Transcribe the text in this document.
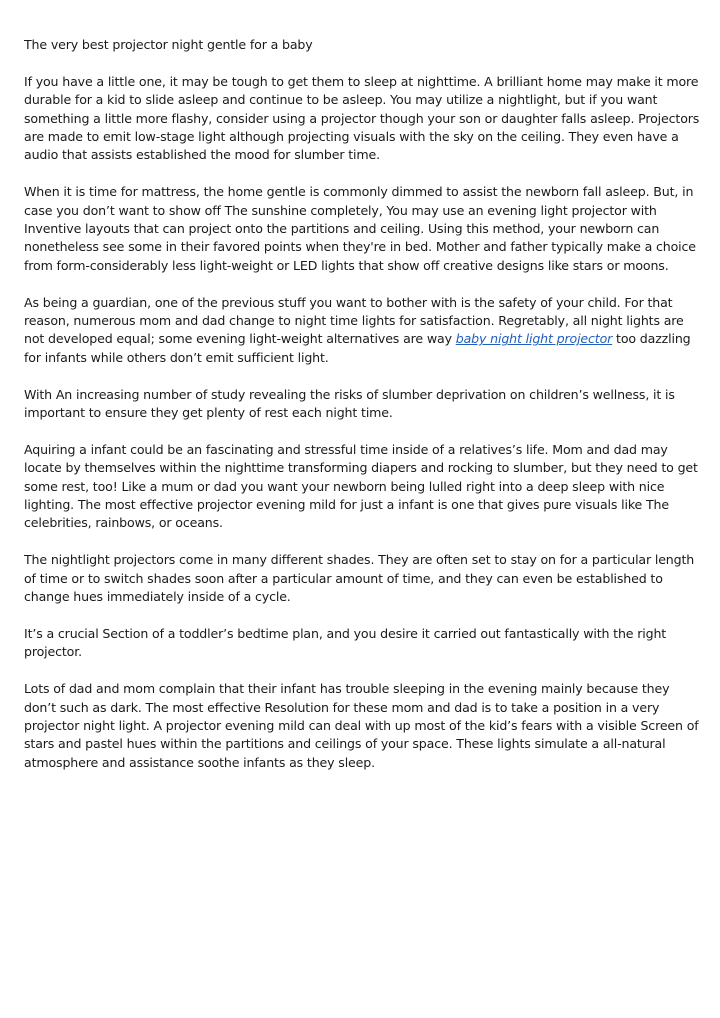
The very best projector night gentle for a baby

If you have a little one, it may be tough to get them to sleep at nighttime. A brilliant home may make it more durable for a kid to slide asleep and continue to be asleep. You may utilize a nightlight, but if you want something a little more flashy, consider using a projector though your son or daughter falls asleep. Projectors are made to emit low-stage light although projecting visuals with the sky on the ceiling. They even have a audio that assists established the mood for slumber time.

When it is time for mattress, the home gentle is commonly dimmed to assist the newborn fall asleep. But, in case you don’t want to show off The sunshine completely, You may use an evening light projector with Inventive layouts that can project onto the partitions and ceiling. Using this method, your newborn can nonetheless see some in their favored points when they're in bed. Mother and father typically make a choice from form-considerably less light-weight or LED lights that show off creative designs like stars or moons.

As being a guardian, one of the previous stuff you want to bother with is the safety of your child. For that reason, numerous mom and dad change to night time lights for satisfaction. Regretably, all night lights are not developed equal; some evening light-weight alternatives are way baby night light projector too dazzling for infants while others don’t emit sufficient light.

With An increasing number of study revealing the risks of slumber deprivation on children’s wellness, it is important to ensure they get plenty of rest each night time.

Aquiring a infant could be an fascinating and stressful time inside of a relatives’s life. Mom and dad may locate by themselves within the nighttime transforming diapers and rocking to slumber, but they need to get some rest, too! Like a mum or dad you want your newborn being lulled right into a deep sleep with nice lighting. The most effective projector evening mild for just a infant is one that gives pure visuals like The celebrities, rainbows, or oceans.

The nightlight projectors come in many different shades. They are often set to stay on for a particular length of time or to switch shades soon after a particular amount of time, and they can even be established to change hues immediately inside of a cycle.

It’s a crucial Section of a toddler’s bedtime plan, and you desire it carried out fantastically with the right projector.

Lots of dad and mom complain that their infant has trouble sleeping in the evening mainly because they don’t such as dark. The most effective Resolution for these mom and dad is to take a position in a very projector night light. A projector evening mild can deal with up most of the kid’s fears with a visible Screen of stars and pastel hues within the partitions and ceilings of your space. These lights simulate a all-natural atmosphere and assistance soothe infants as they sleep.
